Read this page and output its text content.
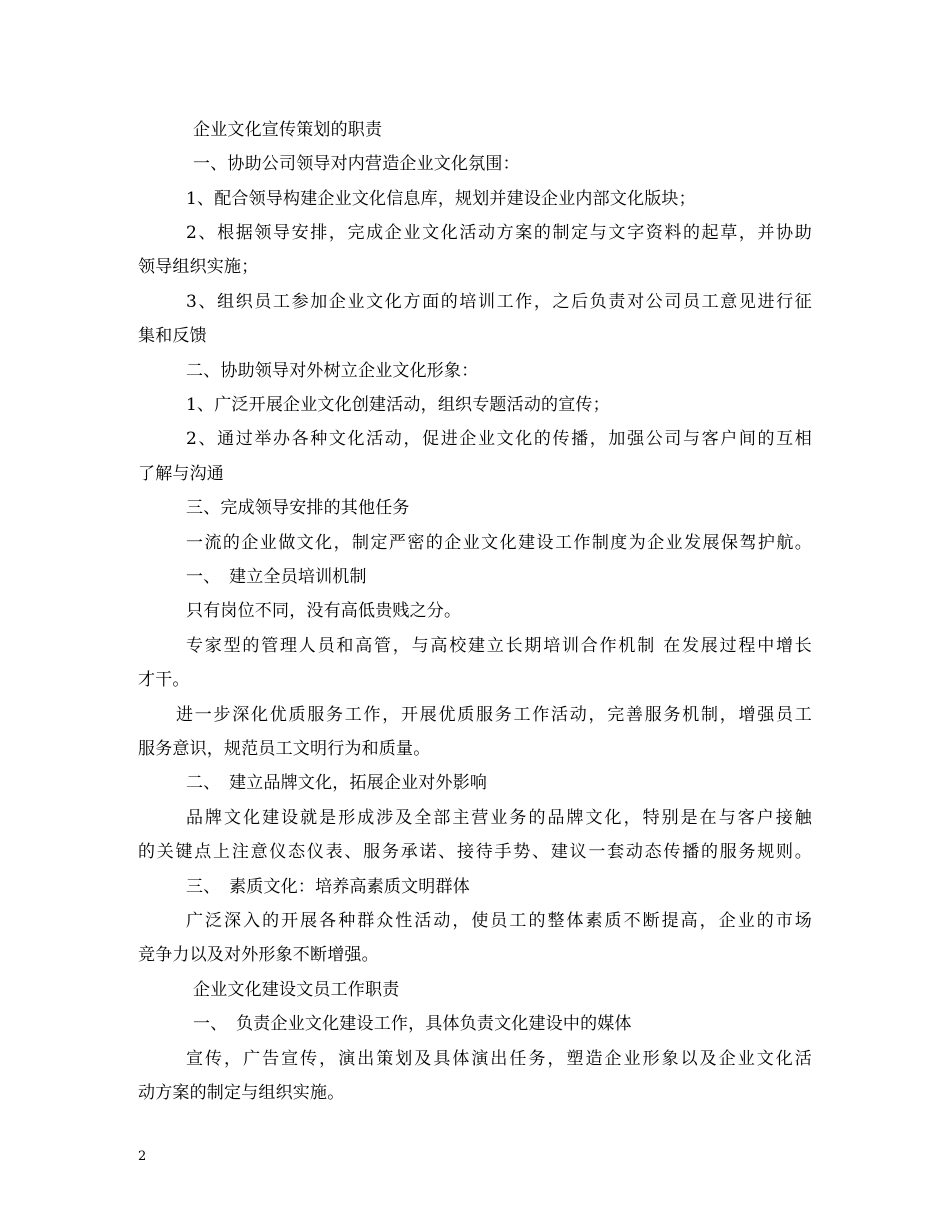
企业文化宣传策划的职责
一、协助公司领导对内营造企业文化氛围：
1、配合领导构建企业文化信息库，规划并建设企业内部文化版块；
2、根据领导安排，完成企业文化活动方案的制定与文字资料的起草，并协助
领导组织实施；
3、组织员工参加企业文化方面的培训工作，之后负责对公司员工意见进行征
集和反馈
二、协助领导对外树立企业文化形象：
1、广泛开展企业文化创建活动，组织专题活动的宣传；
2、通过举办各种文化活动，促进企业文化的传播，加强公司与客户间的互相
了解与沟通
三、完成领导安排的其他任务
一流的企业做文化，制定严密的企业文化建设工作制度为企业发展保驾护航。
一、　建立全员培训机制
只有岗位不同，没有高低贵贱之分。
专家型的管理人员和高管，与高校建立长期培训合作机制 在发展过程中增长
才干。
进一步深化优质服务工作，开展优质服务工作活动，完善服务机制，增强员工
服务意识，规范员工文明行为和质量。
二、　建立品牌文化，拓展企业对外影响
品牌文化建设就是形成涉及全部主营业务的品牌文化，特别是在与客户接触
的关键点上注意仪态仪表、服务承诺、接待手势、建议一套动态传播的服务规则。
三、　素质文化：培养高素质文明群体
广泛深入的开展各种群众性活动，使员工的整体素质不断提高，企业的市场
竞争力以及对外形象不断增强。
企业文化建设文员工作职责
一、　负责企业文化建设工作，具体负责文化建设中的媒体
宣传，广告宣传，演出策划及具体演出任务，塑造企业形象以及企业文化活
动方案的制定与组织实施。
2
